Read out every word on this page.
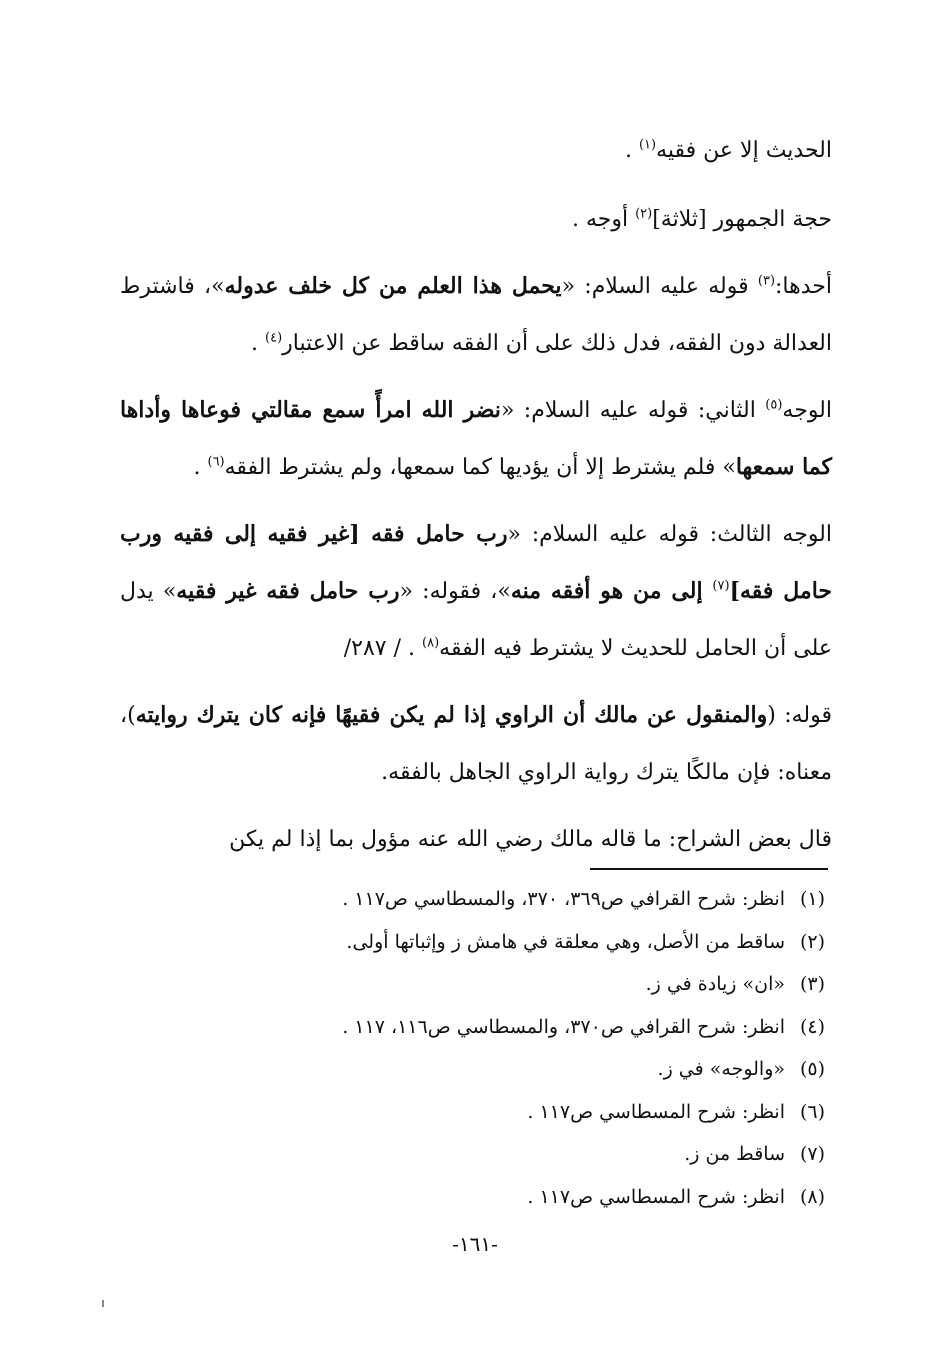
الحديث إلا عن فقيه$^{(١)}$ .

حجة الجمهور [ثلاثة]$^{(٢)}$ أوجه .

أحدها:$^{(٣)}$ قوله عليه السلام: «يحمل هذا العلم من كل خلف عدوله»، فاشترط العدالة دون الفقه، فدل ذلك على أن الفقه ساقط عن الاعتبار$^{(٤)}$ .

الوجه$^{(٥)}$ الثاني: قوله عليه السلام: «نضر الله امرأً سمع مقالتي فوعاها وأداها كما سمعها» فلم يشترط إلا أن يؤديها كما سمعها، ولم يشترط الفقه$^{(٦)}$ .

الوجه الثالث: قوله عليه السلام: «رب حامل فقه [غير فقيه إلى فقيه ورب حامل فقه]$^{(٧)}$ إلى من هو أفقه منه»، فقوله: «رب حامل فقه غير فقيه» يدل على أن الحامل للحديث لا يشترط فيه الفقه$^{(٨)}$ . / ٢٨٧/

قوله: (والمنقول عن مالك أن الراوي إذا لم يكن فقيهًا فإنه كان يترك روايته)، معناه: فإن مالكًا يترك رواية الراوي الجاهل بالفقه.

قال بعض الشراح: ما قاله مالك رضي الله عنه مؤول بما إذا لم يكن

(١)انظر: شرح القرافي ص٣٦٩، ٣٧٠، والمسطاسي ص١١٧ .
(٢)ساقط من الأصل، وهي معلقة في هامش ز وإثباتها أولى.
(٣)«ان» زيادة في ز.
(٤)انظر: شرح القرافي ص٣٧٠، والمسطاسي ص١١٦، ١١٧ .
(٥)«والوجه» في ز.
(٦)انظر: شرح المسطاسي ص١١٧ .
(٧)ساقط من ز.
(٨)انظر: شرح المسطاسي ص١١٧ .
-١٦١-
